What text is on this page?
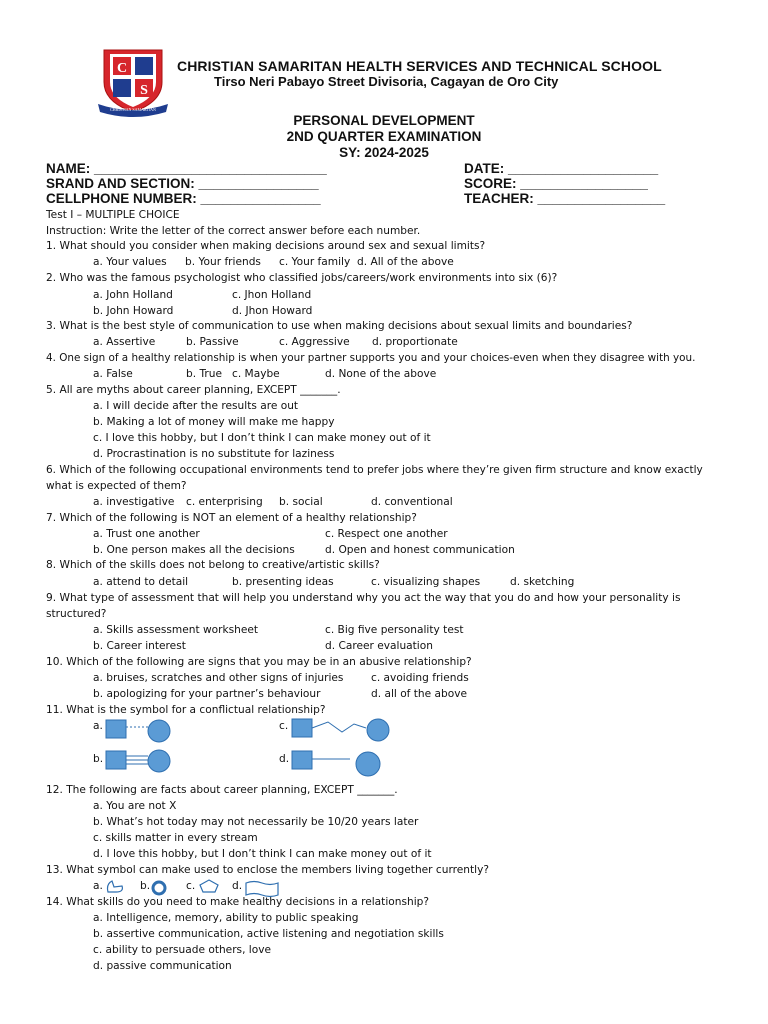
C
S
CHRISTIAN SAMARITAN
CHRISTIAN SAMARITAN HEALTH SERVICES AND TECHNICAL SCHOOL
Tirso Neri Pabayo Street Divisoria, Cagayan de Oro City
PERSONAL DEVELOPMENT
2ND QUARTER EXAMINATION
SY: 2024-2025
NAME: _______________________________	DATE: ____________________
SRAND AND SECTION: ________________	SCORE: _________________
CELLPHONE NUMBER: ________________	TEACHER: _________________
Test I – MULTIPLE CHOICE
Instruction: Write the letter of the correct answer before each number.
1. What should you consider when making decisions around sex and sexual limits?
a. Your values b. Your friends c. Your family d. All of the above
2. Who was the famous psychologist who classified jobs/careers/work environments into six (6)?
a. John Holland	c. Jhon Holland
b. John Howard	d. Jhon Howard
3. What is the best style of communication to use when making decisions about sexual limits and boundaries?
a. Assertive	b. Passive	c. Aggressive d. proportionate
4. One sign of a healthy relationship is when your partner supports you and your choices-even when they disagree with you.
a. False	b. True c. Maybe	d. None of the above
5. All are myths about career planning, EXCEPT _______.
a. I will decide after the results are out
b. Making a lot of money will make me happy
c. I love this hobby, but I don’t think I can make money out of it
d. Procrastination is no substitute for laziness
6. Which of the following occupational environments tend to prefer jobs where they’re given firm structure and know exactly
what is expected of them?
a. investigative c. enterprising b. social	d. conventional
7. Which of the following is NOT an element of a healthy relationship?
a. Trust one another	c. Respect one another
b. One person makes all the decisions	d. Open and honest communication
8. Which of the skills does not belong to creative/artistic skills?
a. attend to detail	b. presenting ideas	c. visualizing shapes	d. sketching
9. What type of assessment that will help you understand why you act the way that you do and how your personality is
structured?
a. Skills assessment worksheet	c. Big five personality test
b. Career interest	d. Career evaluation
10. Which of the following are signs that you may be in an abusive relationship?
a. bruises, scratches and other signs of injuries	c. avoiding friends
b. apologizing for your partner’s behaviour	d. all of the above
11. What is the symbol for a conflictual relationship?
a.	c.
b.	d.
12. The following are facts about career planning, EXCEPT _______.
a. You are not X
b. What’s hot today may not necessarily be 10/20 years later
c. skills matter in every stream
d. I love this hobby, but I don’t think I can make money out of it
13. What symbol can make used to enclose the members living together currently?
a.	b.	c.	d.
14. What skills do you need to make healthy decisions in a relationship?
a. Intelligence, memory, ability to public speaking
b. assertive communication, active listening and negotiation skills
c. ability to persuade others, love
d. passive communication
